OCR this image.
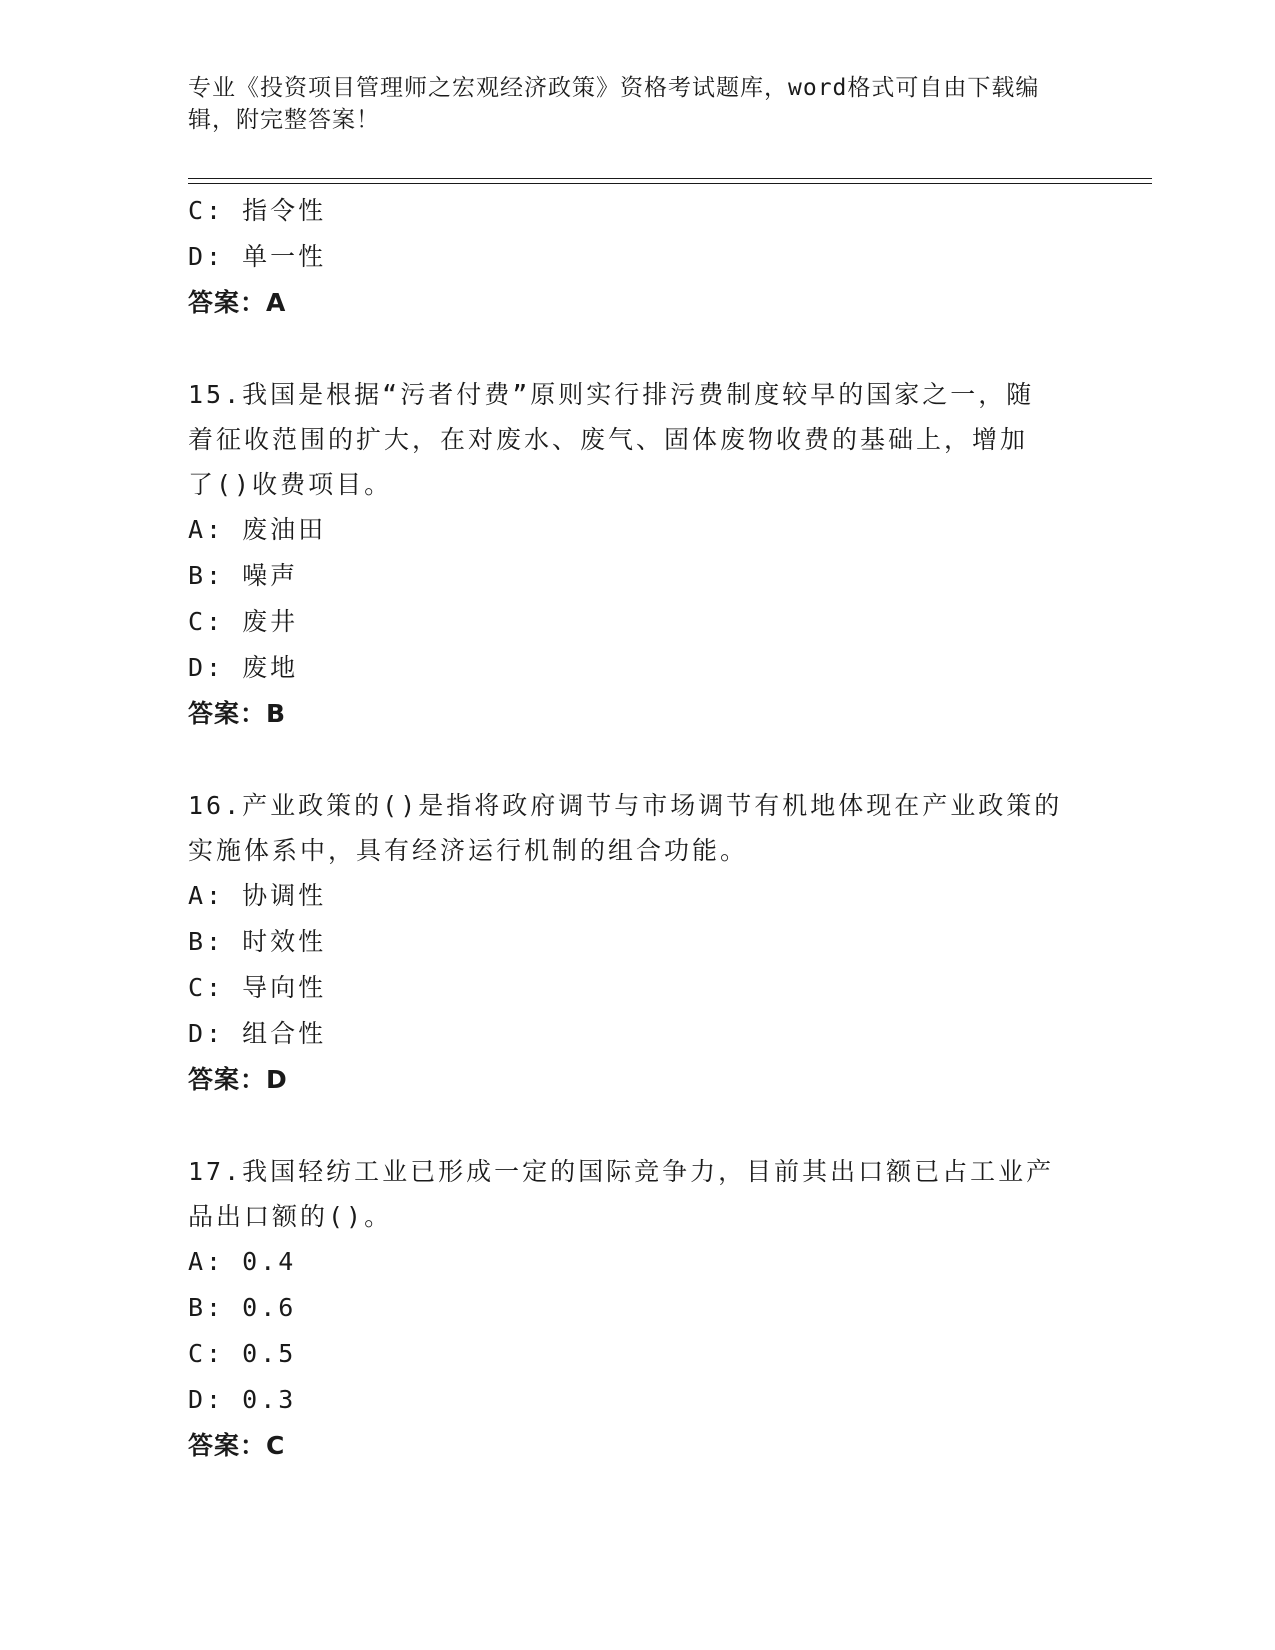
专业《投资项目管理师之宏观经济政策》资格考试题库，word格式可自由下载编
辑，附完整答案！
C: 指令性
D: 单一性
答案：A
15.我国是根据“污者付费”原则实行排污费制度较早的国家之一，随
着征收范围的扩大，在对废水、废气、固体废物收费的基础上，增加
了()收费项目。
A: 废油田
B: 噪声
C: 废井
D: 废地
答案：B
16.产业政策的()是指将政府调节与市场调节有机地体现在产业政策的
实施体系中，具有经济运行机制的组合功能。
A: 协调性
B: 时效性
C: 导向性
D: 组合性
答案：D
17.我国轻纺工业已形成一定的国际竞争力，目前其出口额已占工业产
品出口额的()。
A: 0.4
B: 0.6
C: 0.5
D: 0.3
答案：C
